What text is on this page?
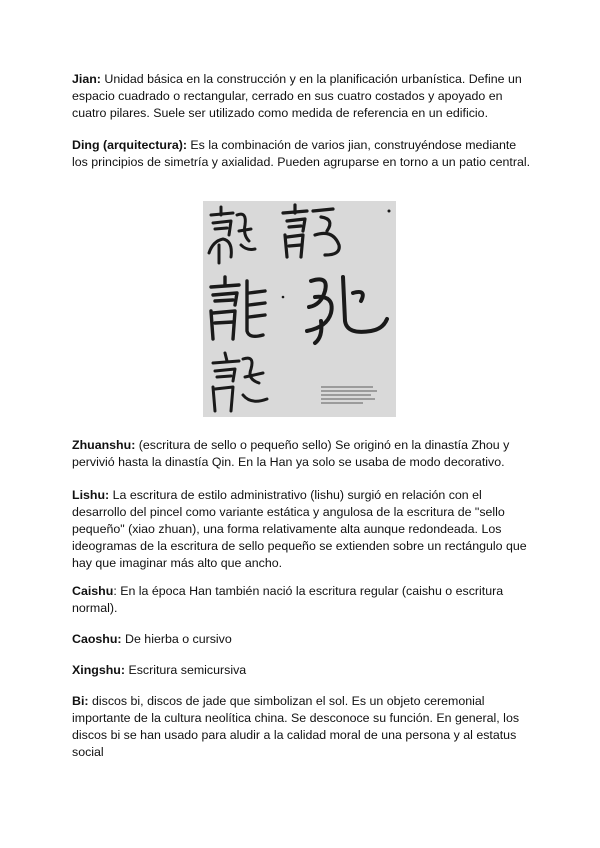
Jian: Unidad básica en la construcción y en la planificación urbanística. Define un espacio cuadrado o rectangular, cerrado en sus cuatro costados y apoyado en cuatro pilares. Suele ser utilizado como medida de referencia en un edificio.

Ding (arquitectura): Es la combinación de varios jian, construyéndose mediante los principios de simetría y axialidad. Pueden agruparse en torno a un patio central.

Zhuanshu: (escritura de sello o pequeño sello) Se originó en la dinastía Zhou y pervivió hasta la dinastía Qin. En la Han ya solo se usaba de modo decorativo.

Lishu: La escritura de estilo administrativo (lishu) surgió en relación con el desarrollo del pincel como variante estática y angulosa de la escritura de "sello pequeño" (xiao zhuan), una forma relativamente alta aunque redondeada. Los ideogramas de la escritura de sello pequeño se extienden sobre un rectángulo que hay que imaginar más alto que ancho.

Caishu: En la época Han también nació la escritura regular (caishu o escritura normal).

Caoshu: De hierba o cursivo

Xingshu: Escritura semicursiva

Bi: discos bi, discos de jade que simbolizan el sol. Es un objeto ceremonial importante de la cultura neolítica china. Se desconoce su función. En general, los discos bi se han usado para aludir a la calidad moral de una persona y al estatus social
